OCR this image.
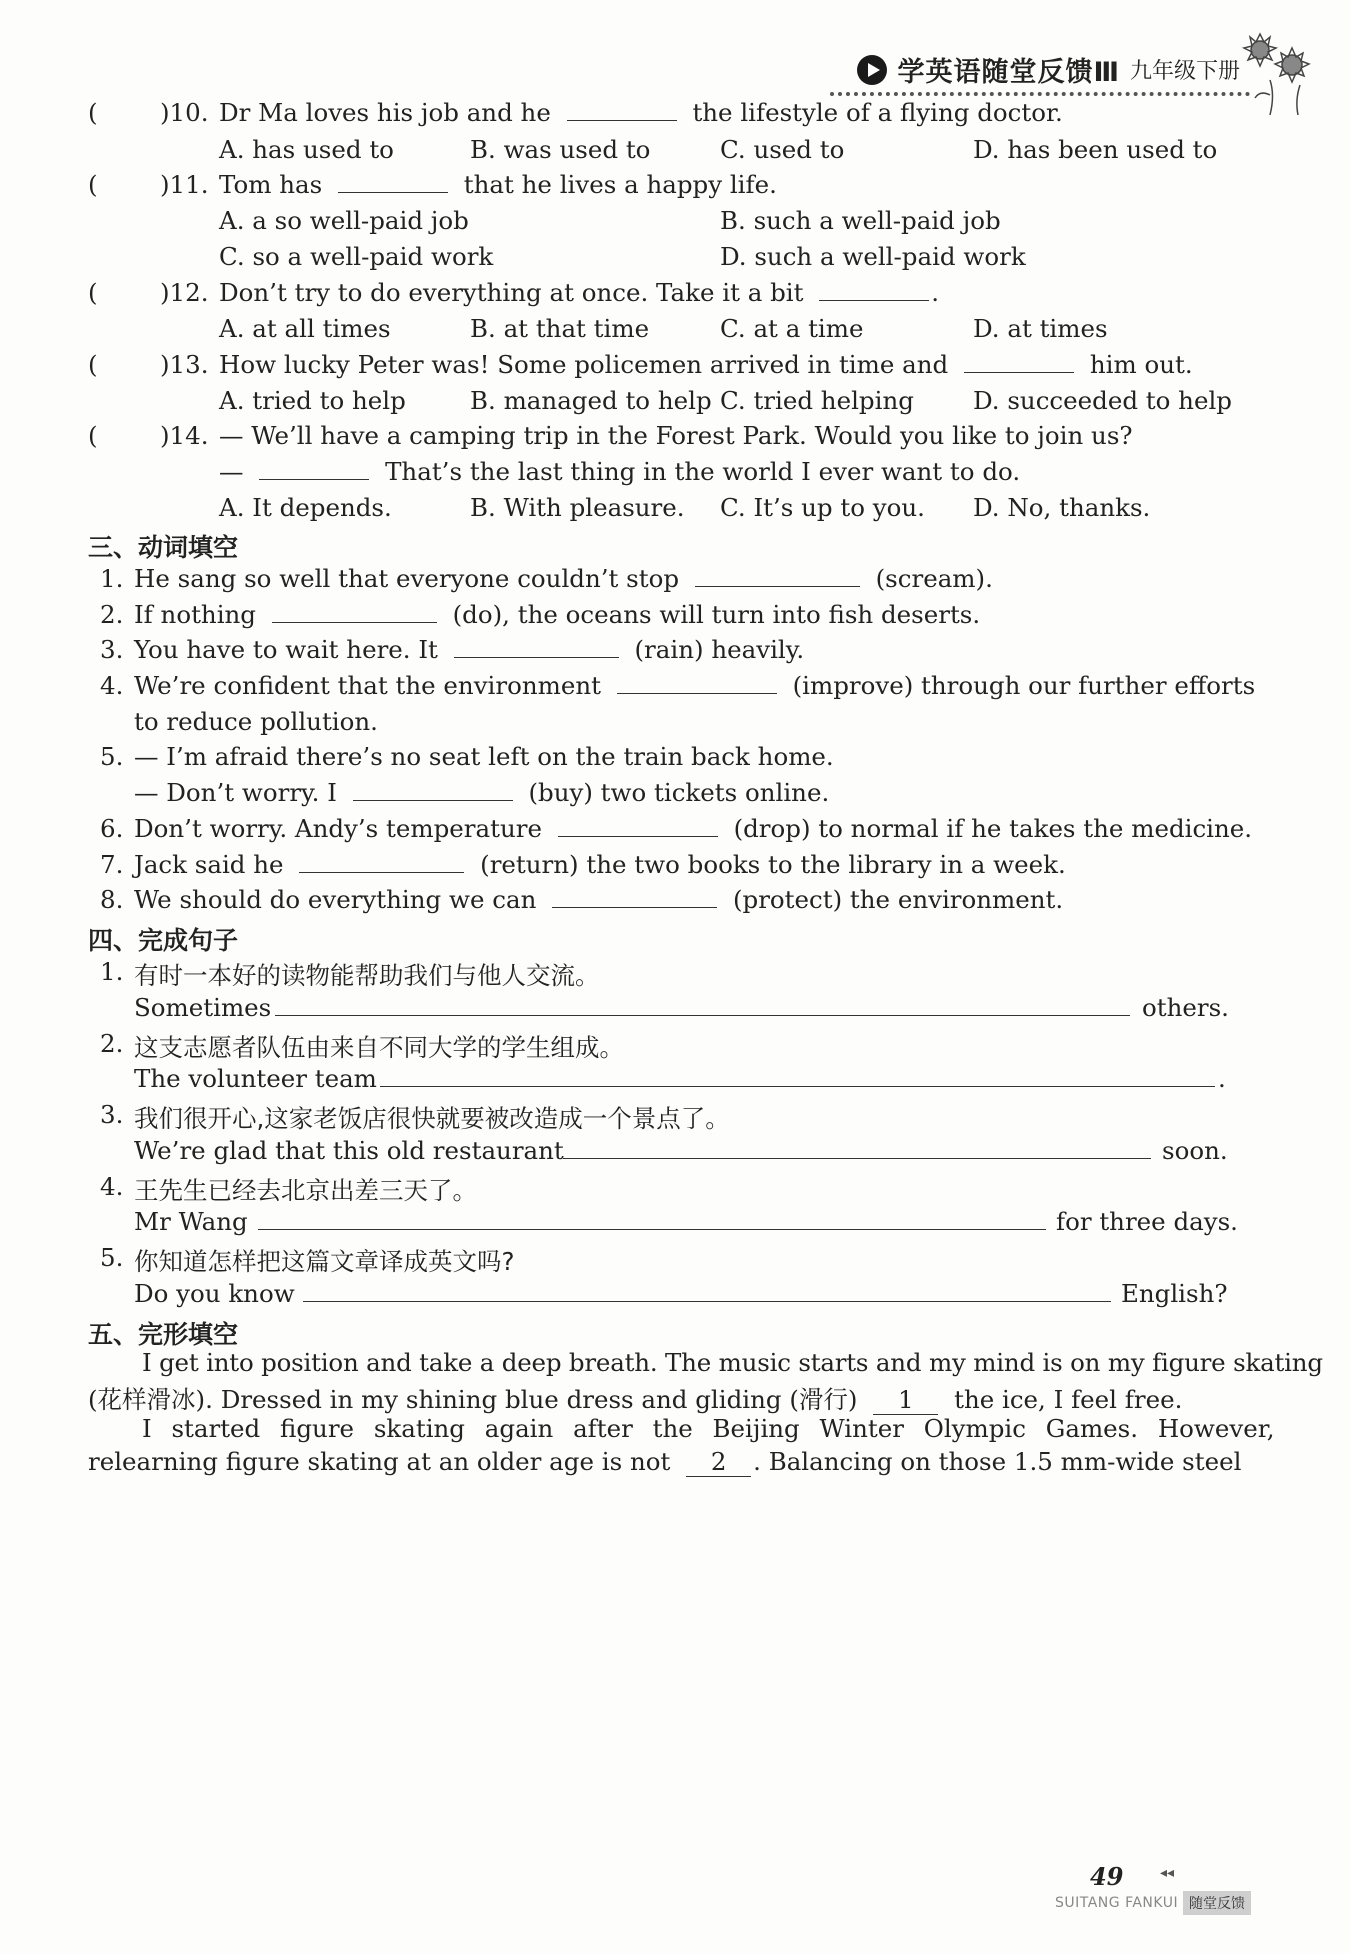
学英语随堂反馈Ⅲ 九年级下册
(	)10. Dr Ma loves his job and he	the lifestyle of a flying doctor.
A. has used to	B. was used to	C. used to	D. has been used to
(	)11. Tom has	that he lives a happy life.
A. a so well-paid job	B. such a well-paid job
C. so a well-paid work	D. such a well-paid work
(	)12. Don’t try to do everything at once. Take it a bit	.
A. at all times	B. at that time	C. at a time	D. at times
(	)13. How lucky Peter was! Some policemen arrived in time and	him out.
A. tried to help	B. managed to help C. tried helping D. succeeded to help
(	)14. — We’ll have a camping trip in the Forest Park. Would you like to join us?
—	That’s the last thing in the world I ever want to do.
A. It depends.	B. With pleasure. C. It’s up to you. D. No, thanks.
三、动词填空
1. He sang so well that everyone couldn’t stop	(scream).
2. If nothing	(do), the oceans will turn into fish deserts.
3. You have to wait here. It	(rain) heavily.
4. We’re confident that the environment	(improve) through our further efforts
to reduce pollution.
5. — I’m afraid there’s no seat left on the train back home.
— Don’t worry. I	(buy) two tickets online.
6. Don’t worry. Andy’s temperature	(drop) to normal if he takes the medicine.
7. Jack said he	(return) the two books to the library in a week.
8. We should do everything we can	(protect) the environment.
四、完成句子
1. 有时一本好的读物能帮助我们与他人交流。
Sometimes	others.
2. 这支志愿者队伍由来自不同大学的学生组成。
The volunteer team	.
3. 我们很开心,这家老饭店很快就要被改造成一个景点了。
We’re glad that this old restaurant	soon.
4. 王先生已经去北京出差三天了。
Mr Wang	for three days.
5. 你知道怎样把这篇文章译成英文吗?
Do you know	English?
五、完形填空
I get into position and take a deep breath. The music starts and my mind is on my figure skating
(花样滑冰). Dressed in my shining blue dress and gliding (滑行) 1 the ice, I feel free.
I started figure skating again after the Beijing Winter Olympic Games. However,
relearning figure skating at an older age is not 2 . Balancing on those 1.5 mm-wide steel
49	◂◂
SUITANG FANKUI 随堂反馈
